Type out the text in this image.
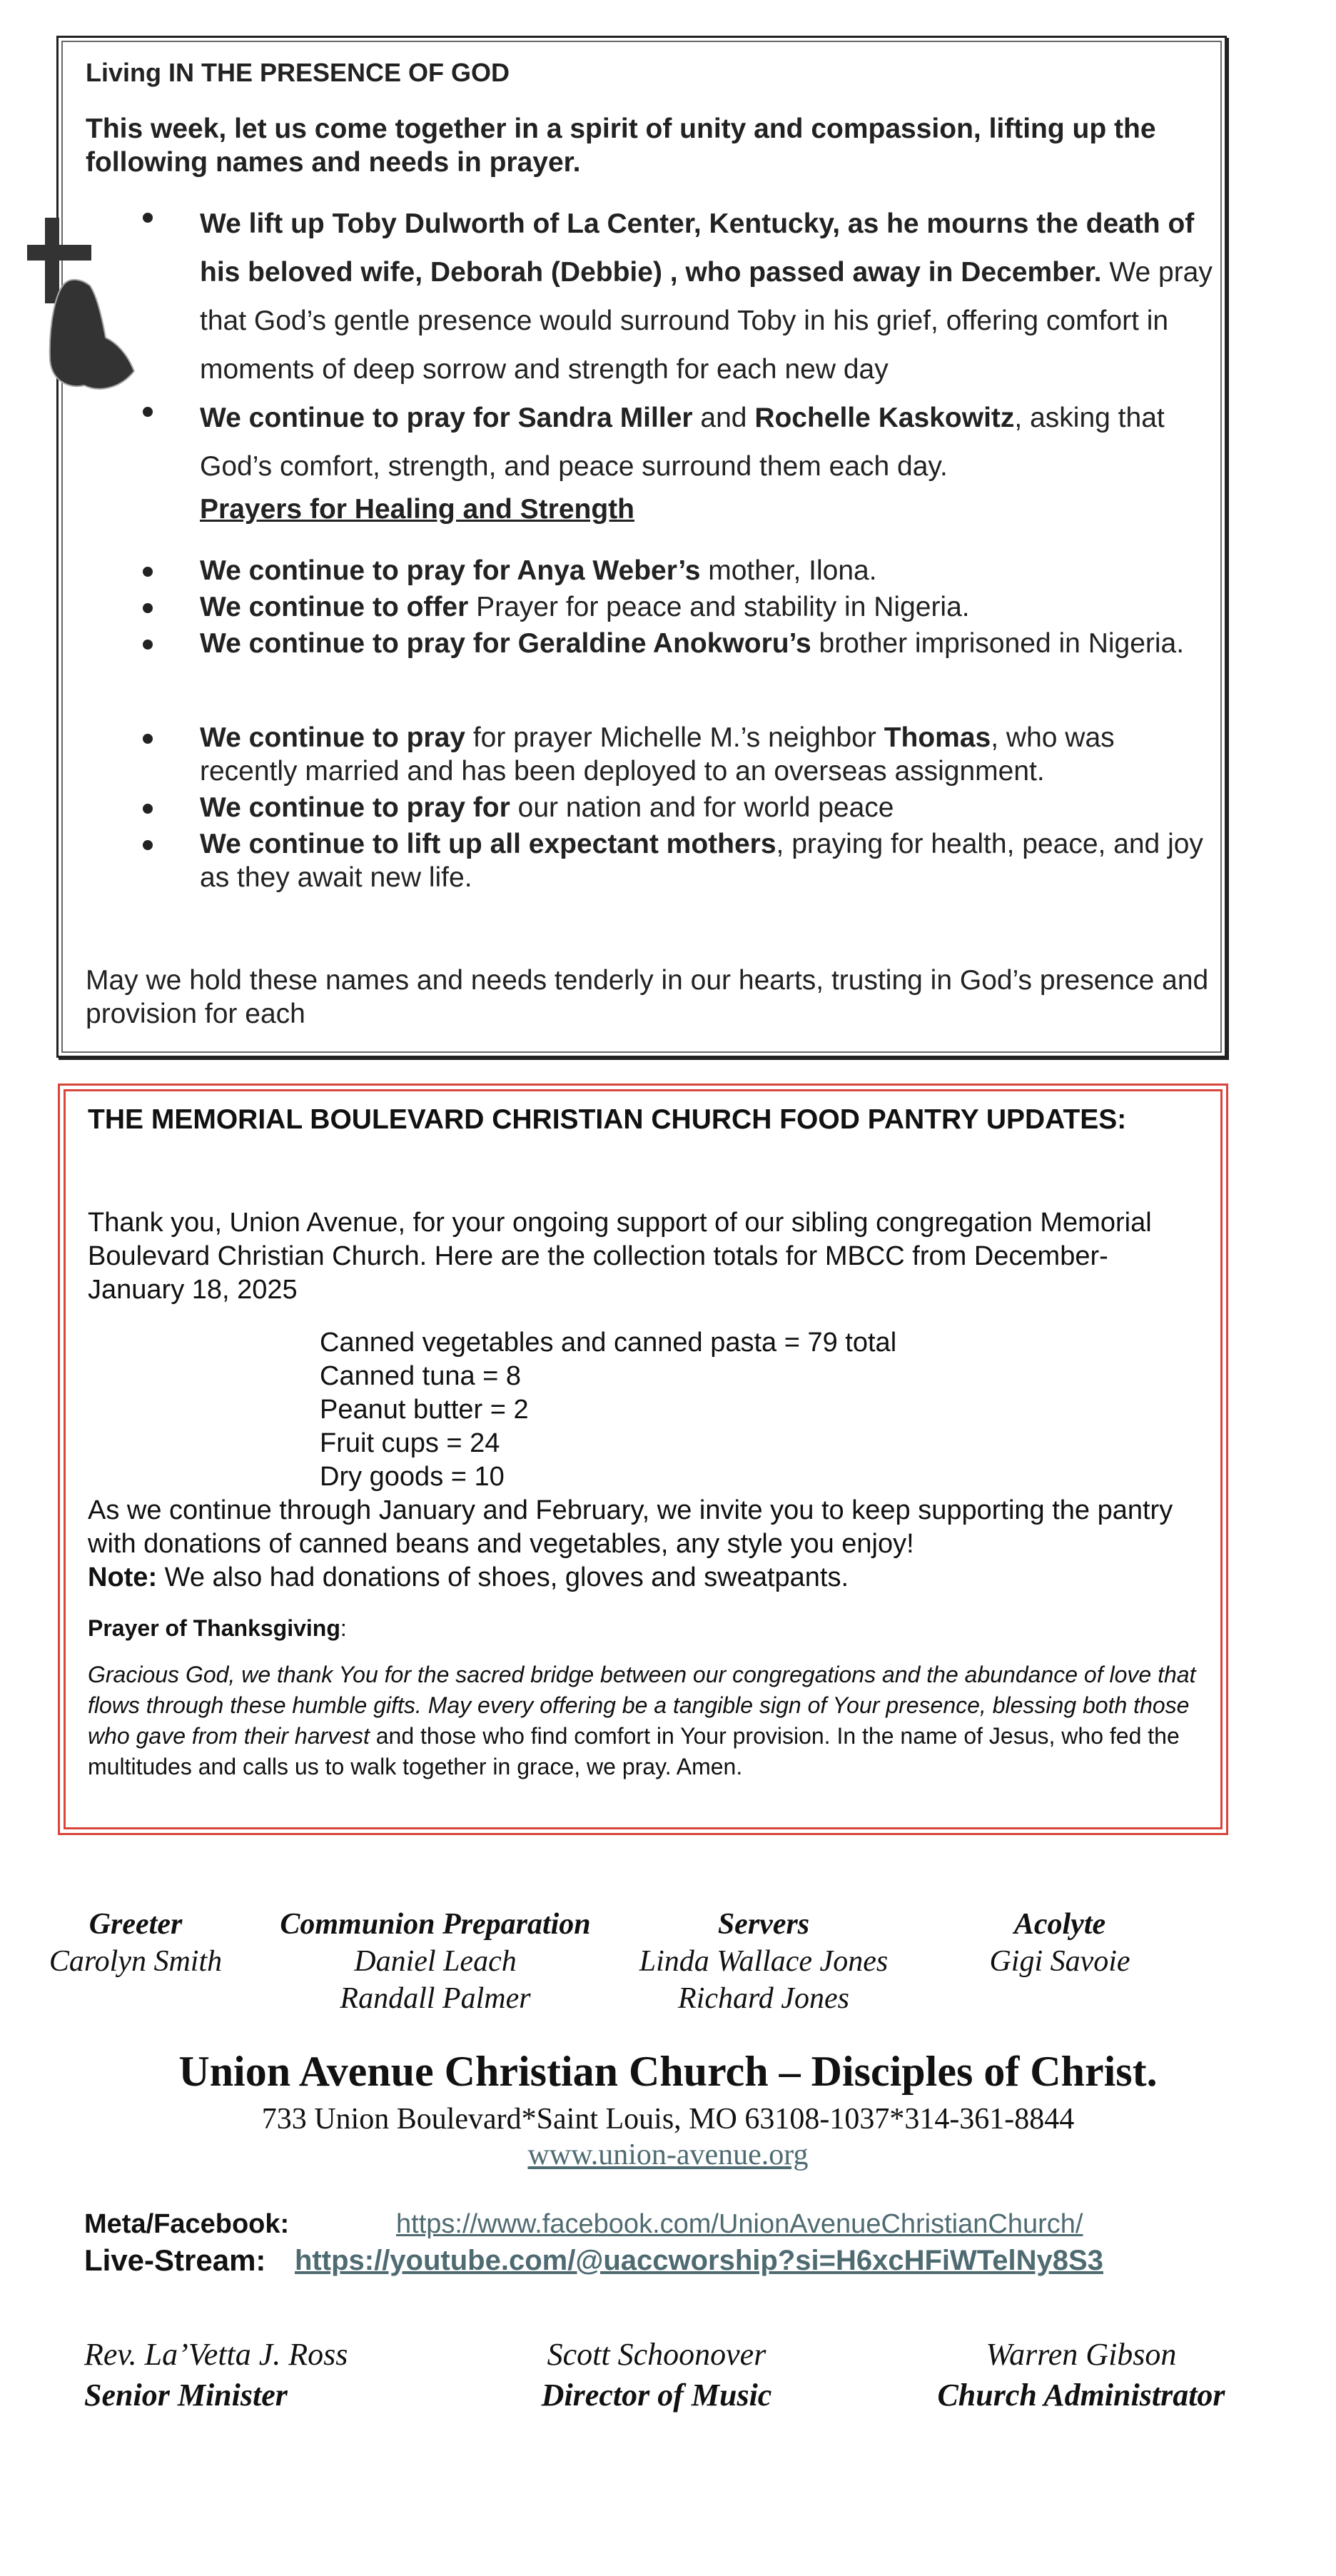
Living IN THE PRESENCE OF GOD
This week, let us come together in a spirit of unity and compassion, lifting up the following names and needs in prayer.
We lift up Toby Dulworth of La Center, Kentucky, as he mourns the death of his beloved wife, Deborah (Debbie) , who passed away in December. We pray that God’s gentle presence would surround Toby in his grief, offering comfort in moments of deep sorrow and strength for each new day
We continue to pray for Sandra Miller and Rochelle Kaskowitz, asking that God’s comfort, strength, and peace surround them each day.
Prayers for Healing and Strength
We continue to pray for Anya Weber’s mother, Ilona.
We continue to offer Prayer for peace and stability in Nigeria.
We continue to pray for Geraldine Anokworu’s brother imprisoned in Nigeria.
We continue to pray for prayer Michelle M.’s neighbor Thomas, who was recently married and has been deployed to an overseas assignment.
We continue to pray for our nation and for world peace
We continue to lift up all expectant mothers, praying for health, peace, and joy as they await new life.
May we hold these names and needs tenderly in our hearts, trusting in God’s presence and provision for each
THE MEMORIAL BOULEVARD CHRISTIAN CHURCH FOOD PANTRY UPDATES:
Thank you, Union Avenue, for your ongoing support of our sibling congregation Memorial Boulevard Christian Church. Here are the collection totals for MBCC from December-January 18, 2025
Canned vegetables and canned pasta = 79 total
Canned tuna = 8
Peanut butter = 2
Fruit cups = 24
Dry goods = 10
As we continue through January and February, we invite you to keep supporting the pantry with donations of canned beans and vegetables, any style you enjoy!
Note: We also had donations of shoes, gloves and sweatpants.
Prayer of Thanksgiving:
Gracious God, we thank You for the sacred bridge between our congregations and the abundance of love that flows through these humble gifts. May every offering be a tangible sign of Your presence, blessing both those who gave from their harvest and those who find comfort in Your provision. In the name of Jesus, who fed the multitudes and calls us to walk together in grace, we pray. Amen.
Greeter
Carolyn Smith
Communion Preparation
Daniel Leach
Randall Palmer
Servers
Linda Wallace Jones
Richard Jones
Acolyte
Gigi Savoie
Union Avenue Christian Church – Disciples of Christ.
733 Union Boulevard*Saint Louis, MO 63108-1037*314-361-8844
www.union-avenue.org
Meta/Facebook:	https://www.facebook.com/UnionAvenueChristianChurch/
Live-Stream: https://youtube.com/@uaccworship?si=H6xcHFiWTelNy8S3
Rev. La’Vetta J. Ross
Senior Minister
Scott Schoonover
Director of Music
Warren Gibson
Church Administrator
